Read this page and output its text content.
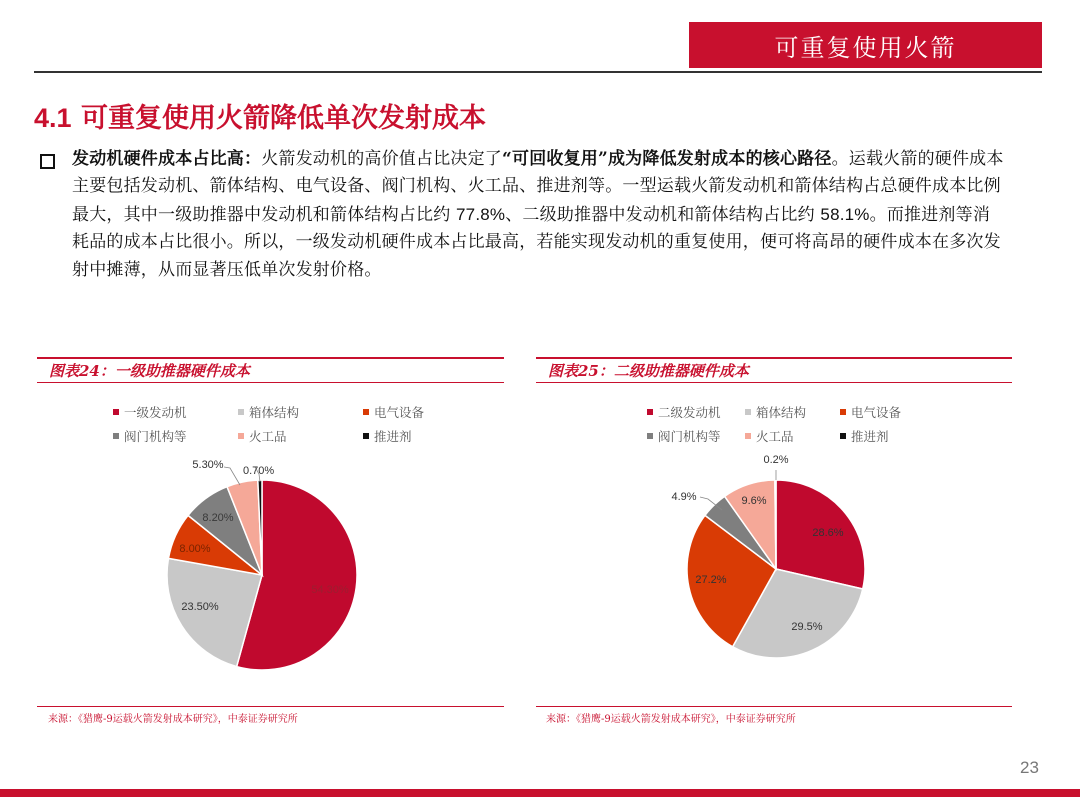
可重复使用火箭
4.1 可重复使用火箭降低单次发射成本
发动机硬件成本占比高：火箭发动机的高价值占比决定了“可回收复用”成为降低发射成本的核心路径。运载火箭的硬件成本主要包括发动机、箭体结构、电气设备、阀门机构、火工品、推进剂等。一型运载火箭发动机和箭体结构占总硬件成本比例最大，其中一级助推器中发动机和箭体结构占比约 77.8%、二级助推器中发动机和箭体结构占比约 58.1%。而推进剂等消耗品的成本占比很小。所以，一级发动机硬件成本占比最高，若能实现发动机的重复使用，便可将高昂的硬件成本在多次发射中摊薄，从而显著压低单次发射价格。
图表24：一级助推器硬件成本	图表25：二级助推器硬件成本
一级发动机	箱体结构	电气设备
阀门机构等	火工品	推进剂
二级发动机	箱体结构	电气设备
阀门机构等	火工品	推进剂
54.30%
23.50%
8.00%
8.20%
5.30% 0.70%
28.6%
29.5%
27.2%
4.9%	9.6%
0.2%
来源：《猎鹰-9运载火箭发射成本研究》，中泰证券研究所	来源：《猎鹰-9运载火箭发射成本研究》，中泰证券研究所
23
